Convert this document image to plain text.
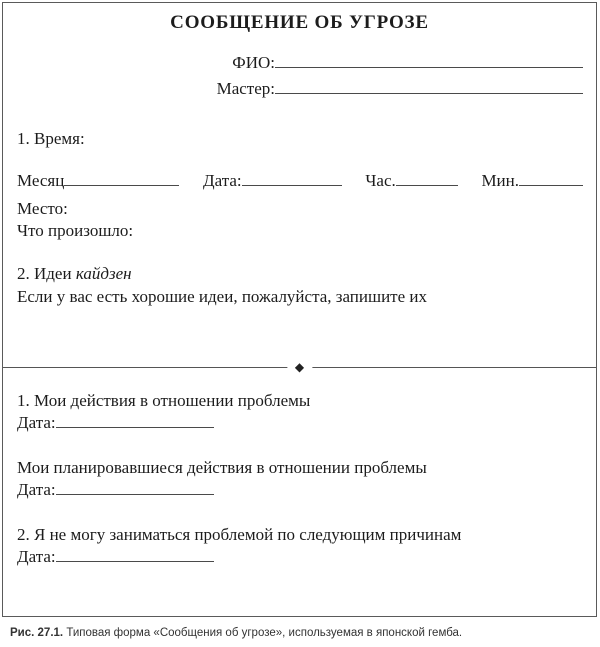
СООБЩЕНИЕ ОБ УГРОЗЕ
ФИО:
Мастер:
1. Время:
Месяц	Дата:	Час.	Мин.
Место:
Что произошло:
2. Идеи кайдзен
Если у вас есть хорошие идеи, пожалуйста, запишите их
◆
1. Мои действия в отношении проблемы
Дата:
Мои планировавшиеся действия в отношении проблемы
Дата:
2. Я не могу заниматься проблемой по следующим причинам
Дата:
Рис. 27.1. Типовая форма «Сообщения об угрозе», используемая в японской гемба.
